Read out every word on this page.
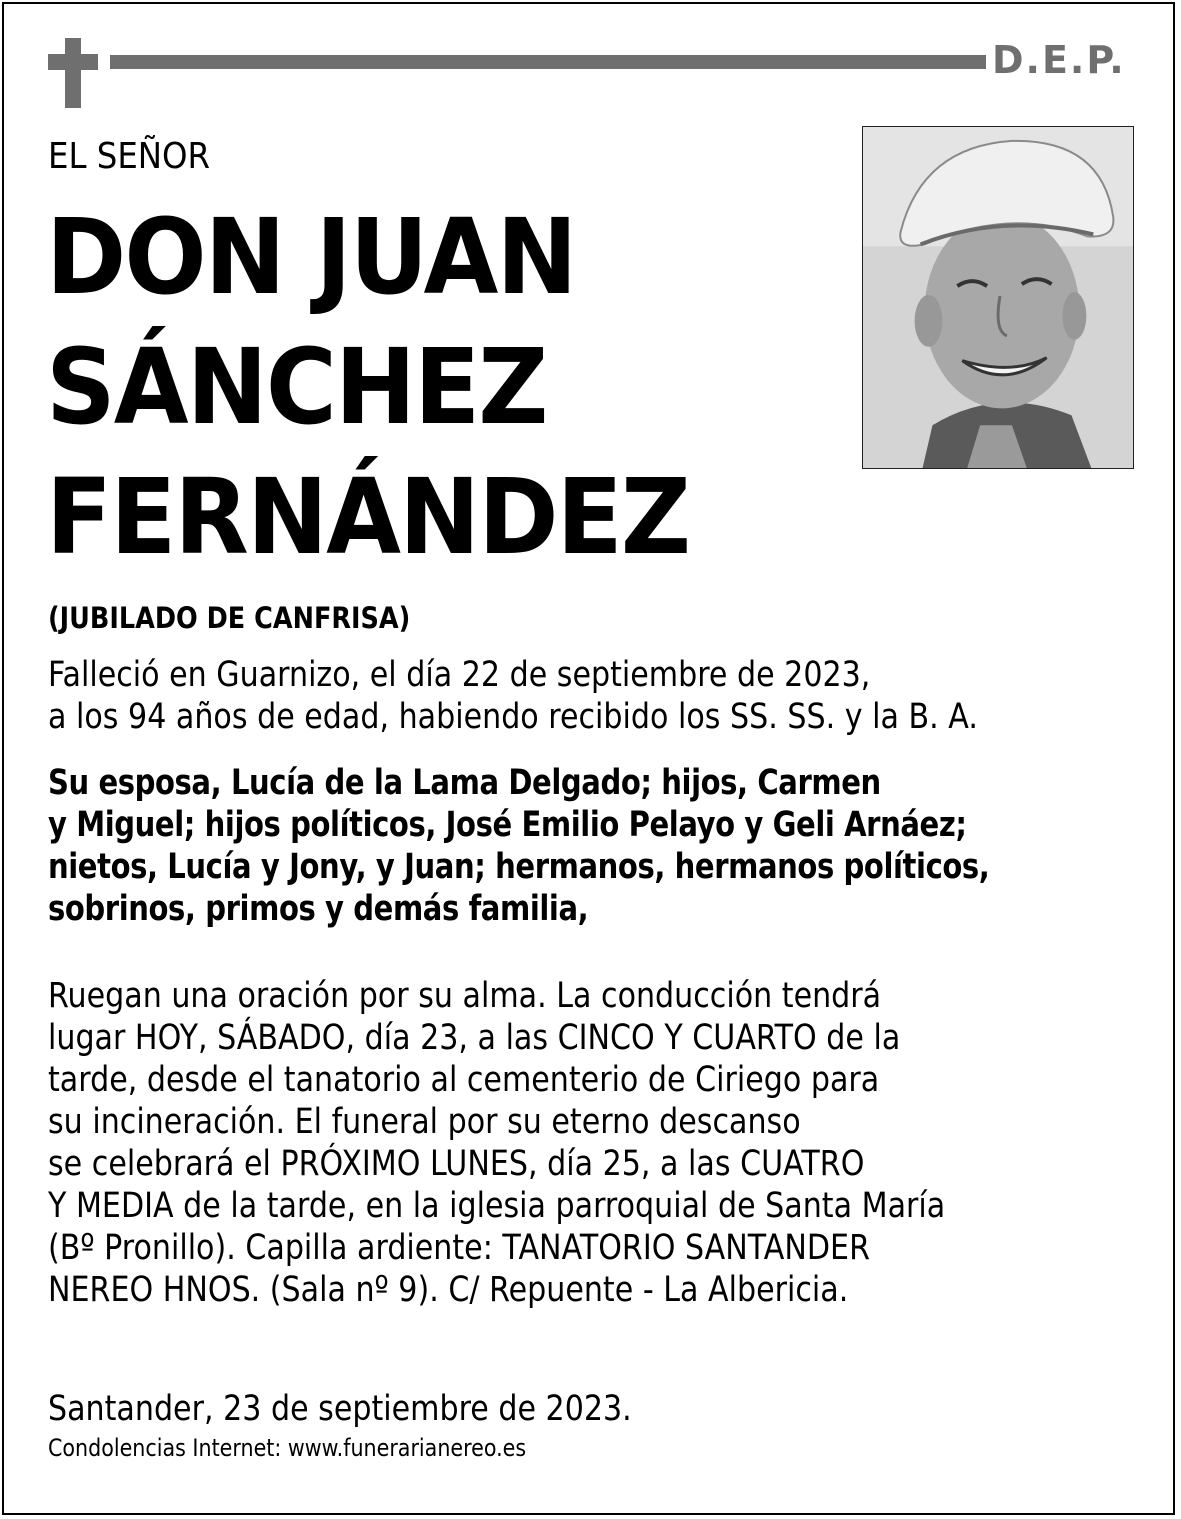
D.E.P.
EL SEÑOR
DON JUAN
SÁNCHEZ
FERNÁNDEZ
(JUBILADO DE CANFRISA)
Falleció en Guarnizo, el día 22 de septiembre de 2023,
a los 94 años de edad, habiendo recibido los SS. SS. y la B. A.
Su esposa, Lucía de la Lama Delgado; hijos, Carmen
y Miguel; hijos políticos, José Emilio Pelayo y Geli Arnáez;
nietos, Lucía y Jony, y Juan; hermanos, hermanos políticos,
sobrinos, primos y demás familia,
Ruegan una oración por su alma. La conducción tendrá
lugar HOY, SÁBADO, día 23, a las CINCO Y CUARTO de la
tarde, desde el tanatorio al cementerio de Ciriego para
su incineración. El funeral por su eterno descanso
se celebrará el PRÓXIMO LUNES, día 25, a las CUATRO
Y MEDIA de la tarde, en la iglesia parroquial de Santa María
(Bº Pronillo). Capilla ardiente: TANATORIO SANTANDER
NEREO HNOS. (Sala nº 9). C/ Repuente - La Albericia.
Santander, 23 de septiembre de 2023.
Condolencias Internet: www.funerarianereo.es
